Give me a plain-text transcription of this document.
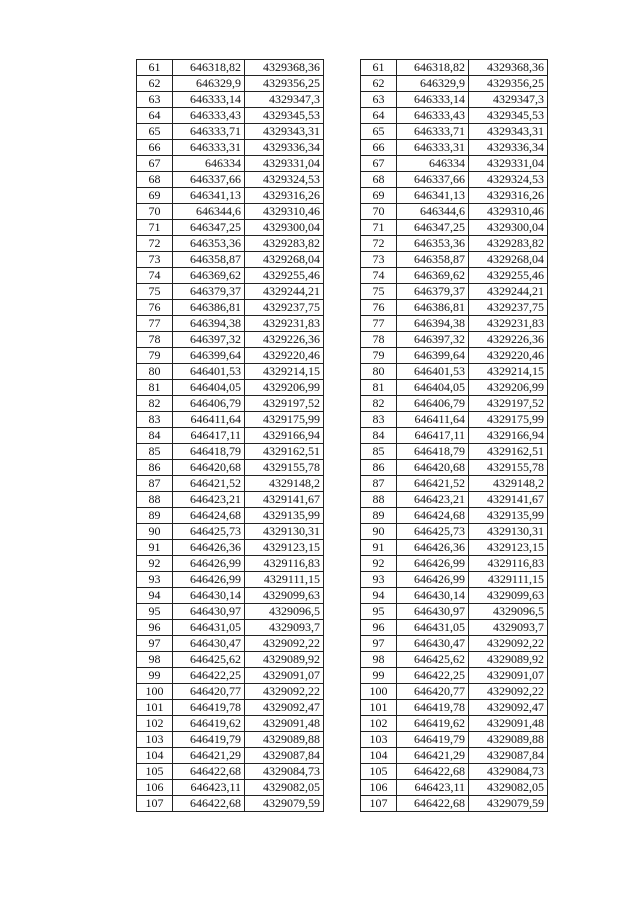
61	646318,82	4329368,36
62	646329,9	4329356,25
63	646333,14	4329347,3
64	646333,43	4329345,53
65	646333,71	4329343,31
66	646333,31	4329336,34
67	646334	4329331,04
68	646337,66	4329324,53
69	646341,13	4329316,26
70	646344,6	4329310,46
71	646347,25	4329300,04
72	646353,36	4329283,82
73	646358,87	4329268,04
74	646369,62	4329255,46
75	646379,37	4329244,21
76	646386,81	4329237,75
77	646394,38	4329231,83
78	646397,32	4329226,36
79	646399,64	4329220,46
80	646401,53	4329214,15
81	646404,05	4329206,99
82	646406,79	4329197,52
83	646411,64	4329175,99
84	646417,11	4329166,94
85	646418,79	4329162,51
86	646420,68	4329155,78
87	646421,52	4329148,2
88	646423,21	4329141,67
89	646424,68	4329135,99
90	646425,73	4329130,31
91	646426,36	4329123,15
92	646426,99	4329116,83
93	646426,99	4329111,15
94	646430,14	4329099,63
95	646430,97	4329096,5
96	646431,05	4329093,7
97	646430,47	4329092,22
98	646425,62	4329089,92
99	646422,25	4329091,07
100	646420,77	4329092,22
101	646419,78	4329092,47
102	646419,62	4329091,48
103	646419,79	4329089,88
104	646421,29	4329087,84
105	646422,68	4329084,73
106	646423,11	4329082,05
107	646422,68	4329079,59
61	646318,82	4329368,36
62	646329,9	4329356,25
63	646333,14	4329347,3
64	646333,43	4329345,53
65	646333,71	4329343,31
66	646333,31	4329336,34
67	646334	4329331,04
68	646337,66	4329324,53
69	646341,13	4329316,26
70	646344,6	4329310,46
71	646347,25	4329300,04
72	646353,36	4329283,82
73	646358,87	4329268,04
74	646369,62	4329255,46
75	646379,37	4329244,21
76	646386,81	4329237,75
77	646394,38	4329231,83
78	646397,32	4329226,36
79	646399,64	4329220,46
80	646401,53	4329214,15
81	646404,05	4329206,99
82	646406,79	4329197,52
83	646411,64	4329175,99
84	646417,11	4329166,94
85	646418,79	4329162,51
86	646420,68	4329155,78
87	646421,52	4329148,2
88	646423,21	4329141,67
89	646424,68	4329135,99
90	646425,73	4329130,31
91	646426,36	4329123,15
92	646426,99	4329116,83
93	646426,99	4329111,15
94	646430,14	4329099,63
95	646430,97	4329096,5
96	646431,05	4329093,7
97	646430,47	4329092,22
98	646425,62	4329089,92
99	646422,25	4329091,07
100	646420,77	4329092,22
101	646419,78	4329092,47
102	646419,62	4329091,48
103	646419,79	4329089,88
104	646421,29	4329087,84
105	646422,68	4329084,73
106	646423,11	4329082,05
107	646422,68	4329079,59
